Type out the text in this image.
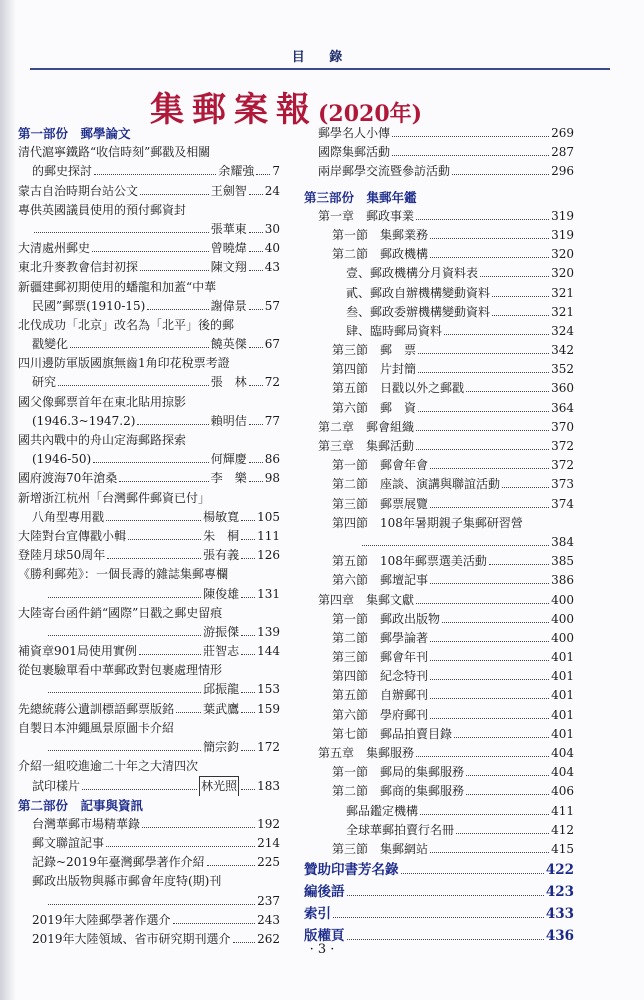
目 錄
集郵案報(2020年)
第一部份　郵學論文
清代滬寧鐵路“收信時刻”郵戳及相關
的郵史探討	余耀強 7
蒙古自治時期台站公文	王劍智 24
專供英國議員使用的預付郵資封
張華東 30
大清處州郵史	曾曉煒 40
東北升麥教會信封初探	陳文翔 43
新疆建郵初期使用的蟠龍和加蓋“中華
民國”郵票(1910-15)	謝偉景 57
北伐成功「北京」改名為「北平」後的郵
戳變化	饒英傑 67
四川邊防軍版國旗無齒1角印花稅票考證
研究	張　林 72
國父像郵票首年在東北貼用掠影
(1946.3~1947.2)	賴明佶 77
國共內戰中的舟山定海郵路探索
(1946-50)	何輝慶 86
國府渡海70年滄桑	李　樂 98
新增浙江杭州「台灣郵件郵資已付」
八角型專用戳	楊敏寬 105
大陸對台宣傳戳小輯	朱　桐 111
登陸月球50周年	張有義 126
《勝利郵苑》：一個長壽的雜誌集郵專欄
陳俊雄 131
大陸寄台函件銷“國際”日戳之郵史留痕
游振傑 139
補資章901局使用實例	莊智志 144
從包裹驗單看中華郵政對包裹處理情形
邱振龍 153
先總統蔣公遺訓標語郵票版銘 葉武鷹 159
自製日本沖繩風景原圖卡介紹
簡宗鈞 172
介紹一組咬進逾二十年之大清四次
試印樣片	林光照 183
第二部份　記事與資訊
台灣華郵市場精華錄	192
郵文聯誼記事	214
記錄~2019年臺灣郵學著作介紹	225
郵政出版物與縣市郵會年度特(期)刊
237
2019年大陸郵學著作選介	243
2019年大陸領域、省市研究期刊選介 262
郵學名人小傳	269
國際集郵活動	287
兩岸郵學交流暨參訪活動	296
第三部份　集郵年鑑
第一章　郵政事業	319
第一節　集郵業務	319
第二節　郵政機構	320
壹、郵政機構分月資料表	320
貳、郵政自辦機構變動資料	321
叁、郵政委辦機構變動資料	321
肆、臨時郵局資料	324
第三節　郵　票	342
第四節　片封簡	352
第五節　日戳以外之郵戳	360
第六節　郵　資	364
第二章　郵會組織	370
第三章　集郵活動	372
第一節　郵會年會	372
第二節　座談、演講與聯誼活動	373
第三節　郵票展覽	374
第四節　108年暑期親子集郵研習營
384
第五節　108年郵票選美活動	385
第六節　郵壇記事	386
第四章　集郵文獻	400
第一節　郵政出版物	400
第二節　郵學論著	400
第三節　郵會年刊	401
第四節　紀念特刊	401
第五節　自辦郵刊	401
第六節　學府郵刊	401
第七節　郵品拍賣目錄	401
第五章　集郵服務	404
第一節　郵局的集郵服務	404
第二節　郵商的集郵服務	406
郵品鑑定機構	411
全球華郵拍賣行名冊	412
第三節　集郵網站	415
贊助印書芳名錄	422
編後語	423
索引	433
版權頁	436
· 3 ·
